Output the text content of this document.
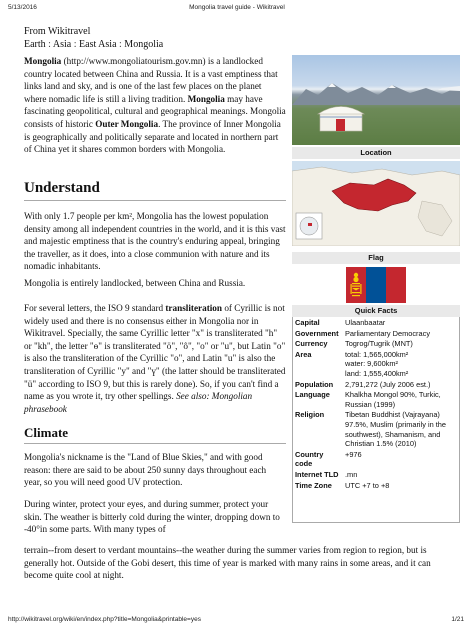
5/13/2016	Mongolia travel guide - Wikitravel
From Wikitravel
Earth : Asia : East Asia : Mongolia

Mongolia (http://www.mongoliatourism.gov.mn) is a landlocked country located between China and Russia. It is a vast emptiness that links land and sky, and is one of the last few places on the planet where nomadic life is still a living tradition. Mongolia may have fascinating geopolitical, cultural and geographical meanings. Mongolia consists of historic Outer Mongolia. The province of Inner Mongolia is geographically and politically separate and located in northern part of China yet it shares common borders with Mongolia.

Understand

With only 1.7 people per km², Mongolia has the lowest population density among all independent countries in the world, and it is this vast and majestic emptiness that is the country's enduring appeal, bringing the traveller, as it does, into a close communion with nature and its nomadic inhabitants.

Mongolia is entirely landlocked, between China and Russia.

For several letters, the ISO 9 standard transliteration of Cyrillic is not widely used and there is no consensus either in Mongolia nor in Wikitravel. Specially, the same Cyrillic letter "х" is transliterated "h" or "kh", the letter "ө" is transliterated "ö", "ô", "o" or "u", but Latin "o" is also the transliteration of the Cyrillic "о", and Latin "u" is also the transliteration of Cyrillic "у" and "ү" (the latter should be transliterated "ü" according to ISO 9, but this is rarely done). So, if you can't find a name as you wrote it, try other spellings. See also: Mongolian phrasebook

Climate

Mongolia's nickname is the "Land of Blue Skies," and with good reason: there are said to be about 250 sunny days throughout each year, so you will need good UV protection.

During winter, protect your eyes, and during summer, protect your skin. The weather is bitterly cold during the winter, dropping down to -40°in some parts. With many types of

terrain--from desert to verdant mountains--the weather during the summer varies from region to region, but is generally hot. Outside of the Gobi desert, this time of year is marked with many rains in some areas, and it can become quite cool at night.

Location
Flag
Quick Facts
Capital	Ulaanbaatar
Government	Parliamentary Democracy
Currency	Togrog/Tugrik (MNT)
Area	total: 1,565,000km²
water: 9,600km²
land: 1,555,400km²
Population	2,791,272 (July 2006 est.)
Language	Khalkha Mongol 90%, Turkic, Russian (1999)
Religion	Tibetan Buddhist (Vajrayana) 97.5%, Muslim (primarily in the southwest), Shamanism, and Christian 1.5% (2010)
Country code	+976
Internet TLD	.mn
Time Zone	UTC +7 to +8
http://wikitravel.org/wiki/en/index.php?title=Mongolia&printable=yes	1/21
